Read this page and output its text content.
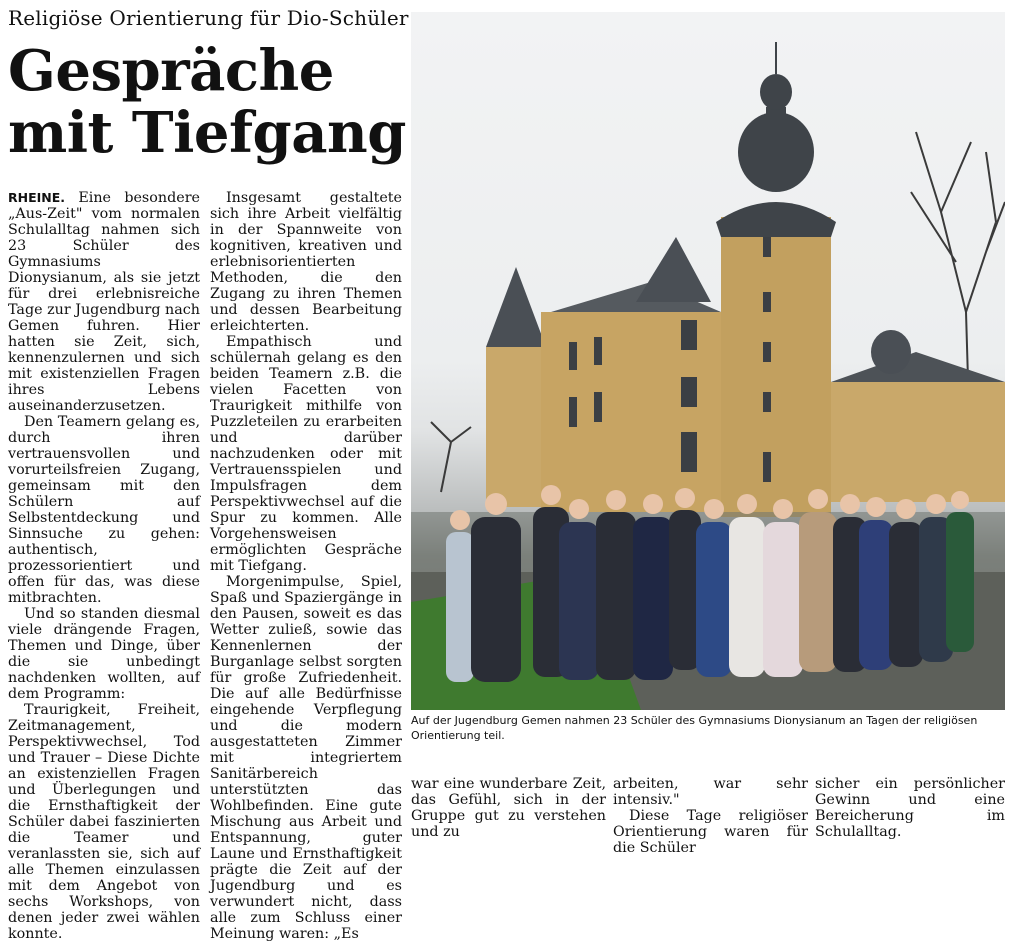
Religiöse Orientierung für Dio-Schüler
Gespräche
mit Tiefgang

RHEINE. Eine besondere „Aus-Zeit" vom normalen Schulalltag nahmen sich 23 Schüler des Gymnasiums Dionysianum, als sie jetzt für drei erlebnisreiche Tage zur Jugendburg nach Gemen fuhren. Hier hatten sie Zeit, sich, kennenzulernen und sich mit existenziellen Fragen ihres Lebens auseinanderzusetzen.

Den Teamern gelang es, durch ihren vertrauensvollen und vorurteilsfreien Zugang, gemeinsam mit den Schülern auf Selbstentdeckung und Sinnsuche zu gehen: authentisch, prozessorientiert und offen für das, was diese mitbrachten.

Und so standen diesmal viele drängende Fragen, Themen und Dinge, über die sie unbedingt nachdenken wollten, auf dem Programm:

Traurigkeit, Freiheit, Zeitmanagement, Perspektivwechsel, Tod und Trauer – Diese Dichte an existenziellen Fragen und Überlegungen und die Ernsthaftigkeit der Schüler dabei faszinierten die Teamer und veranlassten sie, sich auf alle Themen einzulassen mit dem Angebot von sechs Workshops, von denen jeder zwei wählen konnte.

Insgesamt gestaltete sich ihre Arbeit vielfältig in der Spannweite von kognitiven, kreativen und erlebnisorientierten Methoden, die den Zugang zu ihren Themen und dessen Bearbeitung erleichterten.

Empathisch und schülernah gelang es den beiden Teamern z.B. die vielen Facetten von Traurigkeit mithilfe von Puzzleteilen zu erarbeiten und darüber nachzudenken oder mit Vertrauensspielen und Impulsfragen dem Perspektivwechsel auf die Spur zu kommen. Alle Vorgehensweisen ermöglichten Gespräche mit Tiefgang.

Morgenimpulse, Spiel, Spaß und Spaziergänge in den Pausen, soweit es das Wetter zuließ, sowie das Kennenlernen der Burganlage selbst sorgten für große Zufriedenheit. Die auf alle Bedürfnisse eingehende Verpflegung und die modern ausgestatteten Zimmer mit integriertem Sanitärbereich unterstützten das Wohlbefinden. Eine gute Mischung aus Arbeit und Entspannung, guter Laune und Ernsthaftigkeit prägte die Zeit auf der Jugendburg und es verwundert nicht, dass alle zum Schluss einer Meinung waren: „Es

Auf der Jugendburg Gemen nahmen 23 Schüler des Gymnasiums Dionysianum an Tagen der religiösen Orientierung teil.

war eine wunderbare Zeit, das Gefühl, sich in der Gruppe gut zu verstehen und zu

arbeiten, war sehr intensiv."

Diese Tage religiöser Orientierung waren für die Schüler

sicher ein persönlicher Gewinn und eine Bereicherung im Schulalltag.
